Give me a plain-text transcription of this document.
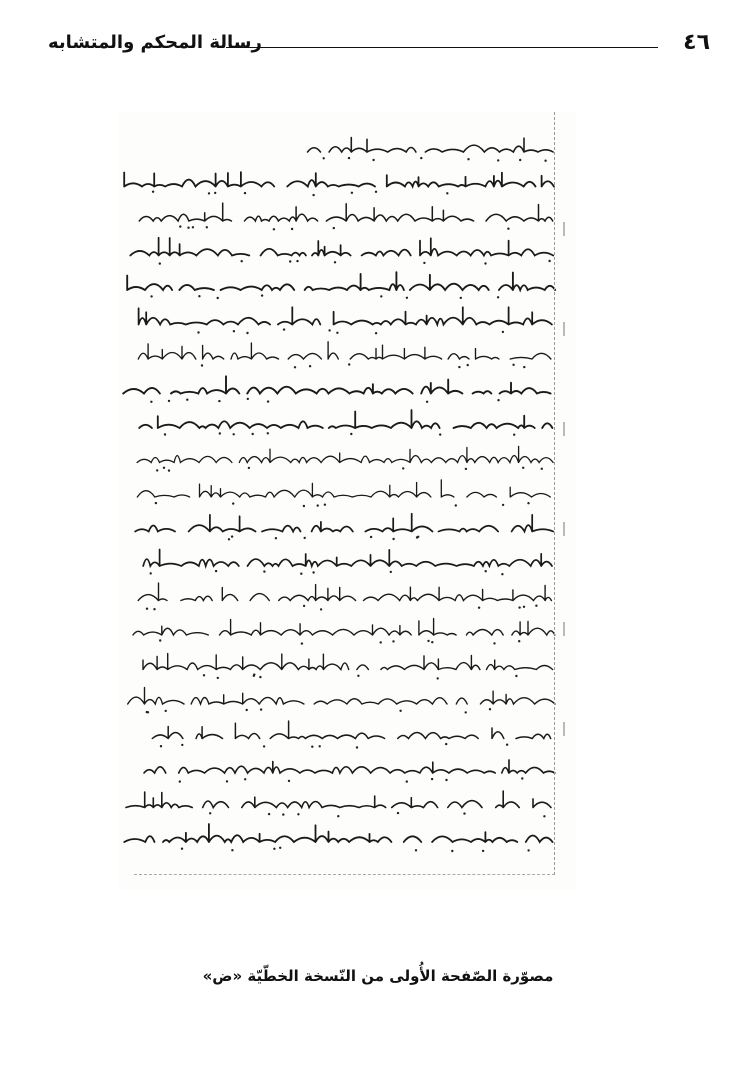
رسالة المحكم والمتشابه	٤٦
مصوّرة الصّفحة الأُولى من النّسخة الخطّيّة «ض»
